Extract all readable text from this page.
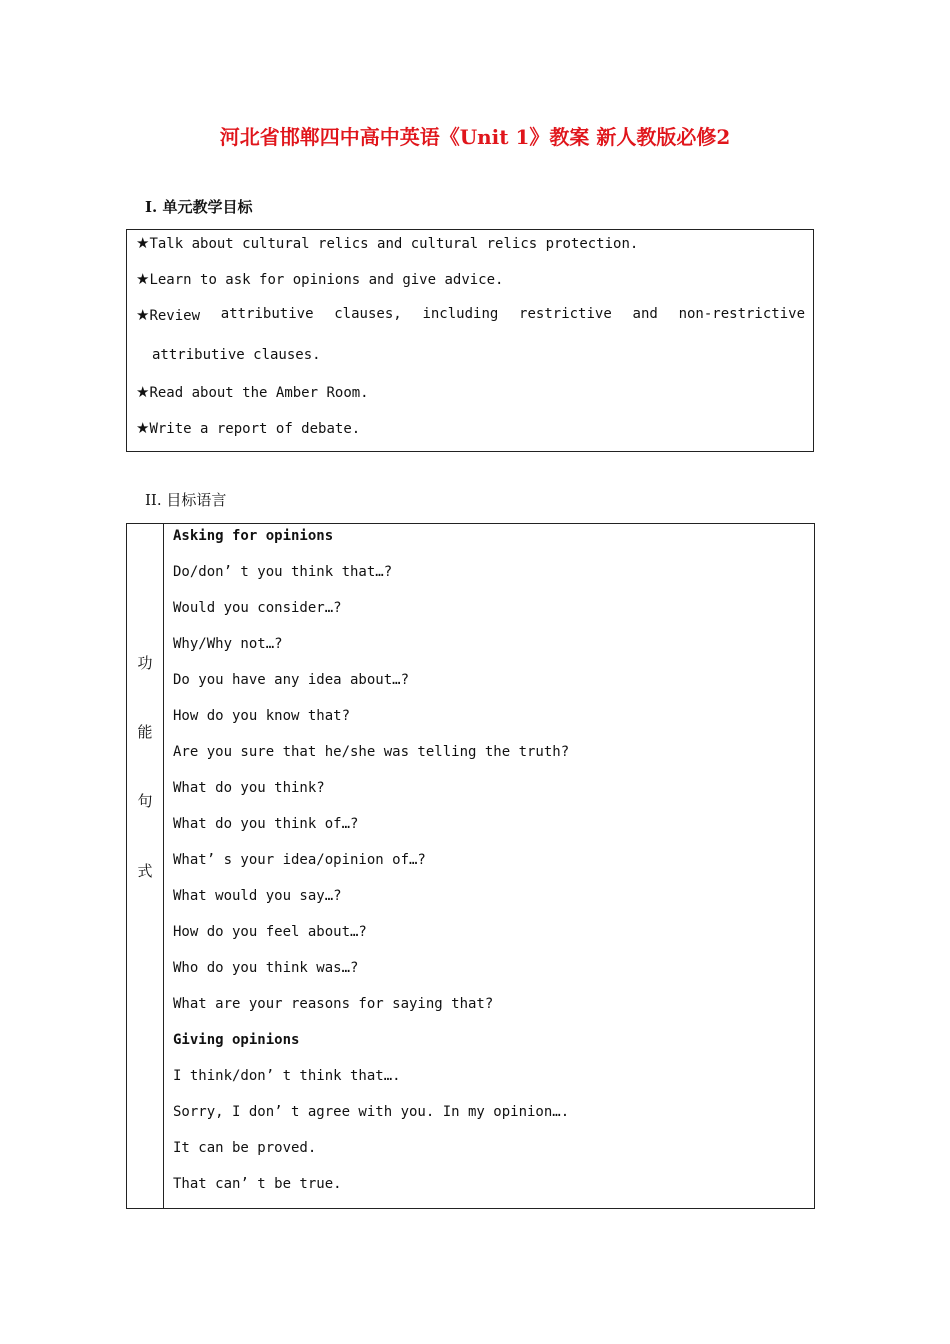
河北省邯郸四中高中英语《Unit 1》教案 新人教版必修2
I. 单元教学目标
★Talk about cultural relics and cultural relics protection.
★Learn to ask for opinions and give advice.
★Review attributive clauses, including restrictive and non-restrictive
attributive clauses.
★Read about the Amber Room.
★Write a report of debate.
II. 目标语言
功
能
句
式
Asking for opinions
Do/don’ t you think that…?
Would you consider…?
Why/Why not…?
Do you have any idea about…?
How do you know that?
Are you sure that he/she was telling the truth?
What do you think?
What do you think of…?
What’ s your idea/opinion of…?
What would you say…?
How do you feel about…?
Who do you think was…?
What are your reasons for saying that?
Giving opinions
I think/don’ t think that….
Sorry, I don’ t agree with you. In my opinion….
It can be proved.
That can’ t be true.
